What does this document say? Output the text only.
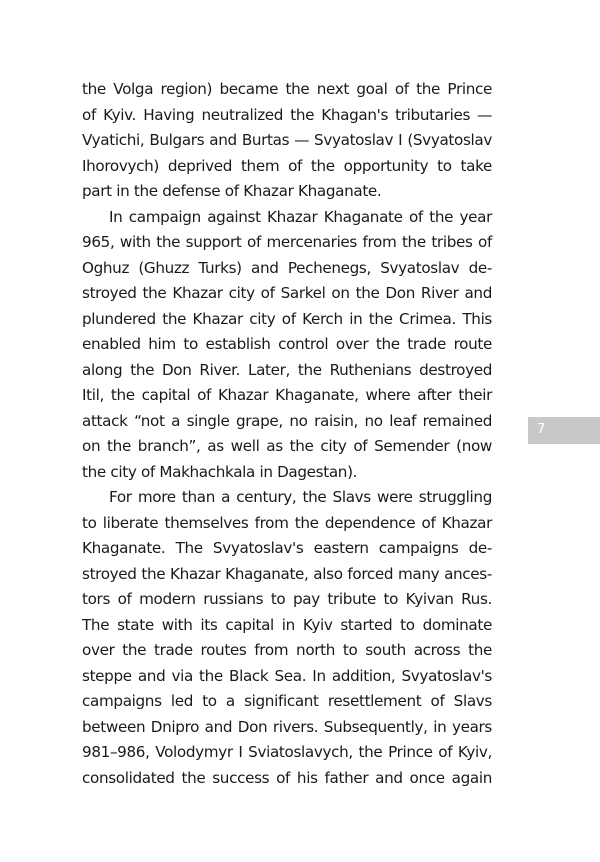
the Volga region) became the next goal of the Prince
of Kyiv. Having neutralized the Khagan's tributaries —
Vyatichi, Bulgars and Burtas — Svyatoslav I (Svyatoslav
Ihorovych) deprived them of the opportunity to take
part in the defense of Khazar Khaganate.
In campaign against Khazar Khaganate of the year
965, with the support of mercenaries from the tribes of
Oghuz (Ghuzz Turks) and Pechenegs, Svyatoslav de-
stroyed the Khazar city of Sarkel on the Don River and
plundered the Khazar city of Kerch in the Crimea. This
enabled him to establish control over the trade route
along the Don River. Later, the Ruthenians destroyed
Itil, the capital of Khazar Khaganate, where after their
attack “not a single grape, no raisin, no leaf remained
on the branch”, as well as the city of Semender (now
the city of Makhachkala in Dagestan).
For more than a century, the Slavs were struggling
to liberate themselves from the dependence of Khazar
Khaganate. The Svyatoslav's eastern campaigns de-
stroyed the Khazar Khaganate, also forced many ances-
tors of modern russians to pay tribute to Kyivan Rus.
The state with its capital in Kyiv started to dominate
over the trade routes from north to south across the
steppe and via the Black Sea. In addition, Svyatoslav's
campaigns led to a significant resettlement of Slavs
between Dnipro and Don rivers. Subsequently, in years
981–986, Volodymyr I Sviatoslavych, the Prince of Kyiv,
consolidated the success of his father and once again
7
